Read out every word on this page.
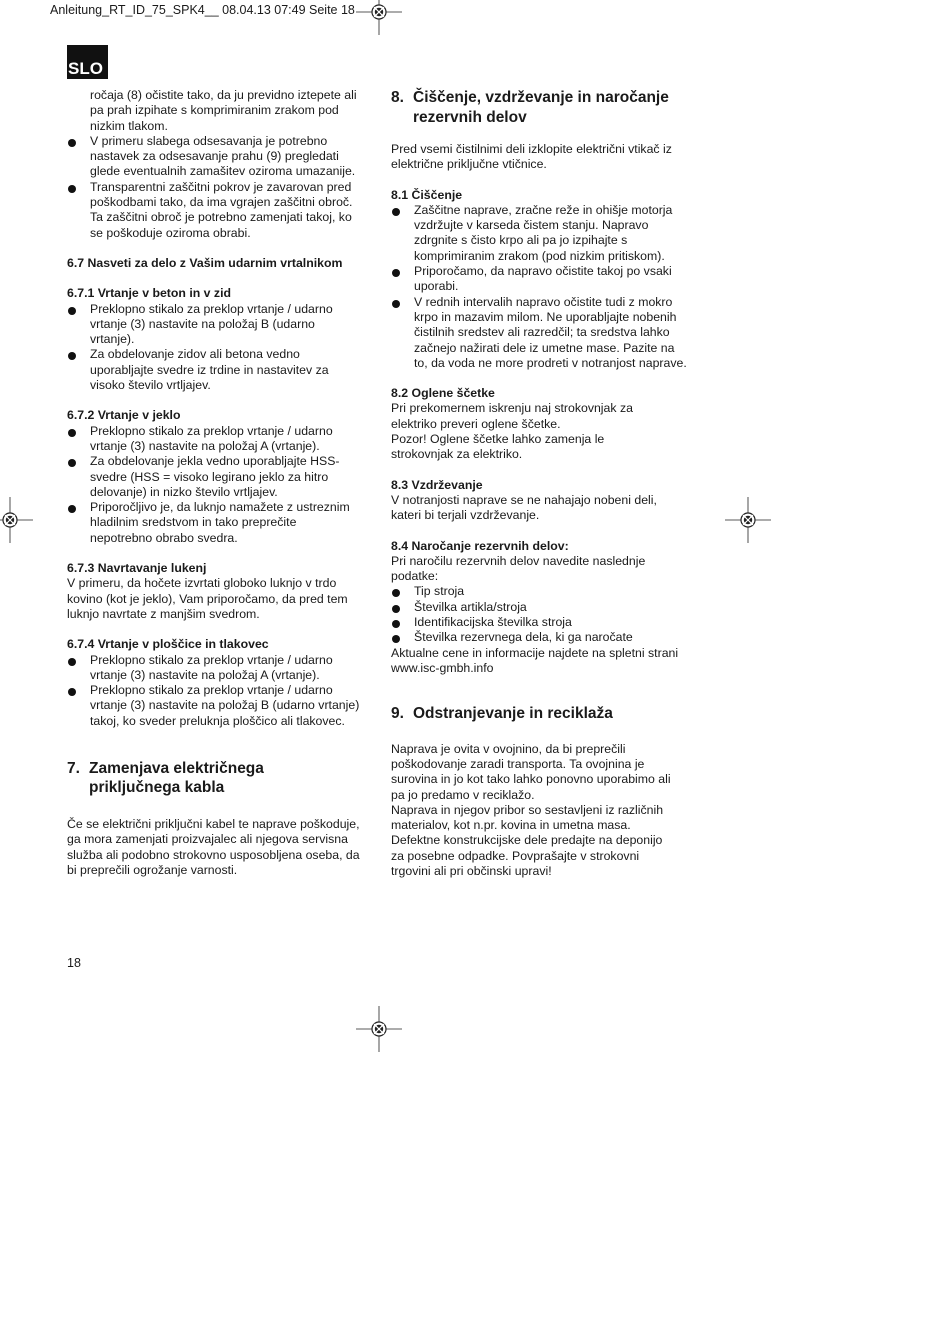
Anleitung_RT_ID_75_SPK4__ 08.04.13 07:49 Seite 18
SLO

ročaja (8) očistite tako, da ju previdno iztepete ali
pa prah izpihate s komprimiranim zrakom pod
nizkim tlakom.

V primeru slabega odsesavanja je potrebno
nastavek za odsesavanje prahu (9) pregledati
glede eventualnih zamašitev oziroma umazanije.
Transparentni zaščitni pokrov je zavarovan pred
poškodbami tako, da ima vgrajen zaščitni obroč.
Ta zaščitni obroč je potrebno zamenjati takoj, ko
se poškoduje oziroma obrabi.

6.7 Nasveti za delo z Vašim udarnim vrtalnikom

6.7.1 Vrtanje v beton in v zid

Preklopno stikalo za preklop vrtanje / udarno
vrtanje (3) nastavite na položaj B (udarno
vrtanje).
Za obdelovanje zidov ali betona vedno
uporabljajte svedre iz trdine in nastavitev za
visoko število vrtljajev.

6.7.2 Vrtanje v jeklo

Preklopno stikalo za preklop vrtanje / udarno
vrtanje (3) nastavite na položaj A (vrtanje).
Za obdelovanje jekla vedno uporabljajte HSS-
svedre (HSS = visoko legirano jeklo za hitro
delovanje) in nizko število vrtljajev.
Priporočljivo je, da luknjo namažete z ustreznim
hladilnim sredstvom in tako preprečite
nepotrebno obrabo svedra.

6.7.3 Navrtavanje lukenj

V primeru, da hočete izvrtati globoko luknjo v trdo
kovino (kot je jeklo), Vam priporočamo, da pred tem
luknjo navrtate z manjšim svedrom.

6.7.4 Vrtanje v ploščice in tlakovec

Preklopno stikalo za preklop vrtanje / udarno
vrtanje (3) nastavite na položaj A (vrtanje).
Preklopno stikalo za preklop vrtanje / udarno
vrtanje (3) nastavite na položaj B (udarno vrtanje)
takoj, ko sveder preluknja ploščico ali tlakovec.
7. Zamenjava električnega
priključnega kabla

Če se električni priključni kabel te naprave poškoduje,
ga mora zamenjati proizvajalec ali njegova servisna
služba ali podobno strokovno usposobljena oseba, da
bi preprečili ogrožanje varnosti.

8. Čiščenje, vzdrževanje in naročanje
rezervnih delov

Pred vsemi čistilnimi deli izklopite električni vtikač iz
električne priključne vtičnice.

8.1 Čiščenje

Zaščitne naprave, zračne reže in ohišje motorja
vzdržujte v karseda čistem stanju. Napravo
zdrgnite s čisto krpo ali pa jo izpihajte s
komprimiranim zrakom (pod nizkim pritiskom).
Priporočamo, da napravo očistite takoj po vsaki
uporabi.
V rednih intervalih napravo očistite tudi z mokro
krpo in mazavim milom. Ne uporabljajte nobenih
čistilnih sredstev ali razredčil; ta sredstva lahko
začnejo nažirati dele iz umetne mase. Pazite na
to, da voda ne more prodreti v notranjost naprave.

8.2 Oglene ščetke

Pri prekomernem iskrenju naj strokovnjak za
elektriko preveri oglene ščetke.
Pozor! Oglene ščetke lahko zamenja le
strokovnjak za elektriko.

8.3 Vzdrževanje

V notranjosti naprave se ne nahajajo nobeni deli,
kateri bi terjali vzdrževanje.

8.4 Naročanje rezervnih delov:

Pri naročilu rezervnih delov navedite naslednje
podatke:

Tip stroja
Številka artikla/stroja
Identifikacijska številka stroja
Številka rezervnega dela, ki ga naročate

Aktualne cene in informacije najdete na spletni strani
www.isc-gmbh.info

9. Odstranjevanje in reciklaža

Naprava je ovita v ovojnino, da bi preprečili
poškodovanje zaradi transporta. Ta ovojnina je
surovina in jo kot tako lahko ponovno uporabimo ali
pa jo predamo v reciklažo.
Naprava in njegov pribor so sestavljeni iz različnih
materialov, kot n.pr. kovina in umetna masa.
Defektne konstrukcijske dele predajte na deponijo
za posebne odpadke. Povprašajte v strokovni
trgovini ali pri občinski upravi!

18
